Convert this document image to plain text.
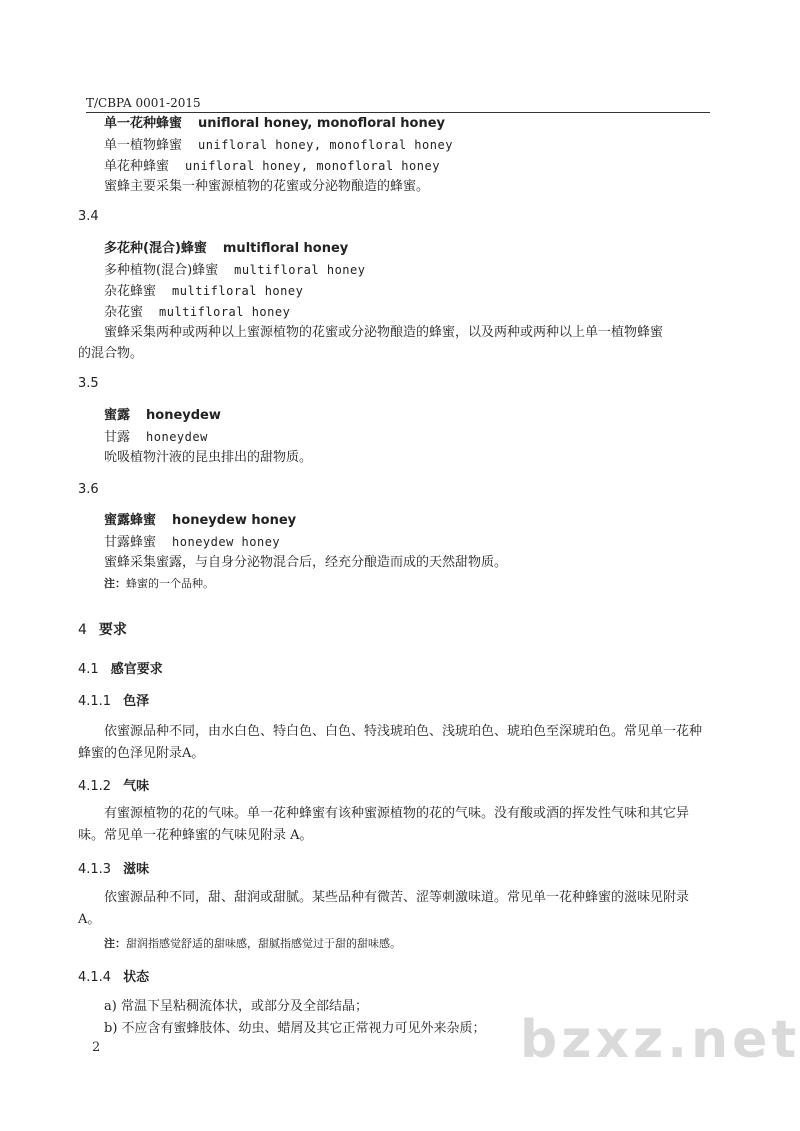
T/CBPA 0001-2015
单一花种蜂蜜 unifloral honey, monofloral honey
单一植物蜂蜜 unifloral honey, monofloral honey
单花种蜂蜜 unifloral honey, monofloral honey
蜜蜂主要采集一种蜜源植物的花蜜或分泌物酿造的蜂蜜。
3.4
多花种(混合)蜂蜜 multifloral honey
多种植物(混合)蜂蜜 multifloral honey
杂花蜂蜜 multifloral honey
杂花蜜 multifloral honey
蜜蜂采集两种或两种以上蜜源植物的花蜜或分泌物酿造的蜂蜜，以及两种或两种以上单一植物蜂蜜
的混合物。
3.5
蜜露 honeydew
甘露 honeydew
吮吸植物汁液的昆虫排出的甜物质。
3.6
蜜露蜂蜜 honeydew honey
甘露蜂蜜 honeydew honey
蜜蜂采集蜜露，与自身分泌物混合后，经充分酿造而成的天然甜物质。
注：蜂蜜的一个品种。
4 要求
4.1 感官要求
4.1.1 色泽
依蜜源品种不同，由水白色、特白色、白色、特浅琥珀色、浅琥珀色、琥珀色至深琥珀色。常见单一花种蜂蜜的色泽见附录A。
4.1.2 气味
有蜜源植物的花的气味。单一花种蜂蜜有该种蜜源植物的花的气味。没有酸或酒的挥发性气味和其它异味。常见单一花种蜂蜜的气味见附录 A。
4.1.3 滋味
依蜜源品种不同，甜、甜润或甜腻。某些品种有微苦、涩等刺激味道。常见单一花种蜂蜜的滋味见附录 A。
注：甜润指感觉舒适的甜味感，甜腻指感觉过于甜的甜味感。
4.1.4 状态
a) 常温下呈粘稠流体状，或部分及全部结晶；
b) 不应含有蜜蜂肢体、幼虫、蜡屑及其它正常视力可见外来杂质；
2	bzxz.net
